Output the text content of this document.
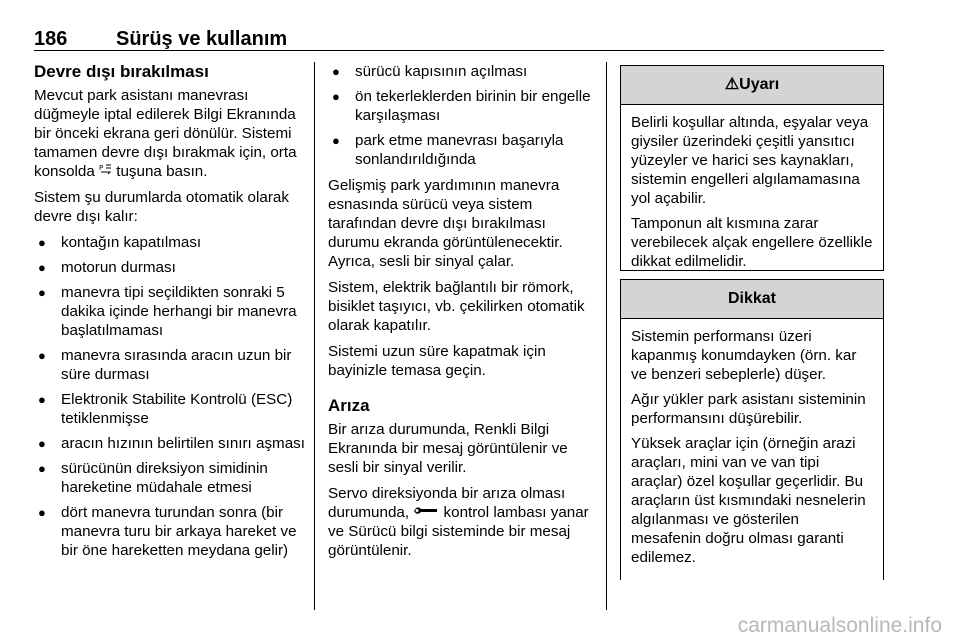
186 Sürüş ve kullanım
Devre dışı bırakılması

Mevcut park asistanı manevrası düğmeyle iptal edilerek Bilgi Ekranında bir önceki ekrana geri dönülür. Sistemi tamamen devre dışı bırakmak için, orta konsolda P tuşuna basın.

Sistem şu durumlarda otomatik olarak devre dışı kalır:

● kontağın kapatılması
● motorun durması
● manevra tipi seçildikten sonraki 5 dakika içinde herhangi bir manevra başlatılmaması
● manevra sırasında aracın uzun bir süre durması
● Elektronik Stabilite Kontrolü (ESC) tetiklenmişse
● aracın hızının belirtilen sınırı aşması
● sürücünün direksiyon simidinin hareketine müdahale etmesi
● dört manevra turundan sonra (bir manevra turu bir arkaya hareket ve bir öne hareketten meydana gelir)
● sürücü kapısının açılması
● ön tekerleklerden birinin bir engelle karşılaşması
● park etme manevrası başarıyla sonlandırıldığında

Gelişmiş park yardımının manevra esnasında sürücü veya sistem tarafından devre dışı bırakılması durumu ekranda görüntülenecektir. Ayrıca, sesli bir sinyal çalar.

Sistem, elektrik bağlantılı bir römork, bisiklet taşıyıcı, vb. çekilirken otomatik olarak kapatılır.

Sistemi uzun süre kapatmak için bayinizle temasa geçin.

Arıza

Bir arıza durumunda, Renkli Bilgi Ekranında bir mesaj görüntülenir ve sesli bir sinyal verilir.

Servo direksiyonda bir arıza olması durumunda, kontrol lambası yanar ve Sürücü bilgi sisteminde bir mesaj görüntülenir.

⚠Uyarı

Belirli koşullar altında, eşyalar veya giysiler üzerindeki çeşitli yansıtıcı yüzeyler ve harici ses kaynakları, sistemin engelleri algılamamasına yol açabilir.

Tamponun alt kısmına zarar verebilecek alçak engellere özellikle dikkat edilmelidir.

Dikkat

Sistemin performansı üzeri kapanmış konumdayken (örn. kar ve benzeri sebeplerle) düşer.

Ağır yükler park asistanı sisteminin performansını düşürebilir.

Yüksek araçlar için (örneğin arazi araçları, mini van ve van tipi araçlar) özel koşullar geçerlidir. Bu araçların üst kısmındaki nesnelerin algılanması ve gösterilen mesafenin doğru olması garanti edilemez.

carmanualsonline.info
